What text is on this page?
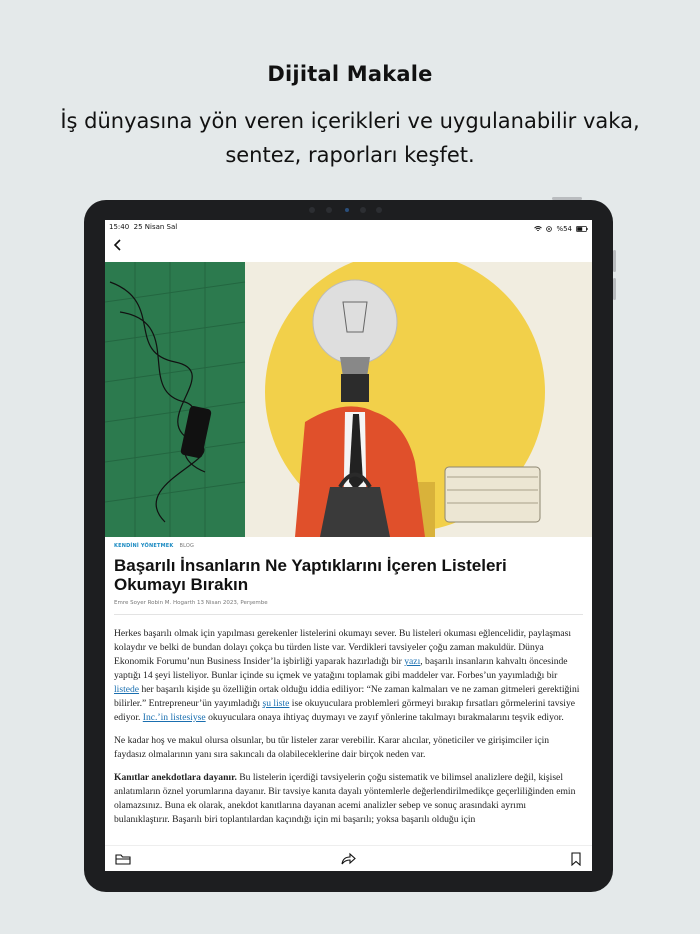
Dijital Makale
İş dünyasına yön veren içerikleri ve uygulanabilir vaka, sentez, raporları keşfet.
15:40 25 Nisan Sal	%54
KENDİNİ YÖNETMEK BLOG
Başarılı İnsanların Ne Yaptıklarını İçeren Listeleri Okumayı Bırakın
Emre Soyer Robin M. Hogarth 13 Nisan 2023, Perşembe

Herkes başarılı olmak için yapılması gerekenler listelerini okumayı sever. Bu listeleri okuması eğlencelidir, paylaşması kolaydır ve belki de bundan dolayı çokça bu türden liste var. Verdikleri tavsiyeler çoğu zaman makuldür. Dünya Ekonomik Forumu’nun Business Insider’la işbirliği yaparak hazırladığı bir yazı, başarılı insanların kahvaltı öncesinde yaptığı 14 şeyi listeliyor. Bunlar içinde su içmek ve yatağını toplamak gibi maddeler var. Forbes’un yayımladığı bir listede her başarılı kişide şu özelliğin ortak olduğu iddia ediliyor: “Ne zaman kalmaları ve ne zaman gitmeleri gerektiğini bilirler.” Entrepreneur’ün yayımladığı şu liste ise okuyuculara problemleri görmeyi bırakıp fırsatları görmelerini tavsiye ediyor. Inc.’in listesiyse okuyuculara onaya ihtiyaç duymayı ve zayıf yönlerine takılmayı bırakmalarını teşvik ediyor.

Ne kadar hoş ve makul olursa olsunlar, bu tür listeler zarar verebilir. Karar alıcılar, yöneticiler ve girişimciler için faydasız olmalarının yanı sıra sakıncalı da olabileceklerine dair birçok neden var.

Kanıtlar anekdotlara dayanır. Bu listelerin içerdiği tavsiyelerin çoğu sistematik ve bilimsel analizlere değil, kişisel anlatımların öznel yorumlarına dayanır. Bir tavsiye kanıta dayalı yöntemlerle değerlendirilmedikçe geçerliliğinden emin olamazsınız. Buna ek olarak, anekdot kanıtlarına dayanan acemi analizler sebep ve sonuç arasındaki ayrımı bulanıklaştırır. Başarılı biri toplantılardan kaçındığı için mi başarılı; yoksa başarılı olduğu için
